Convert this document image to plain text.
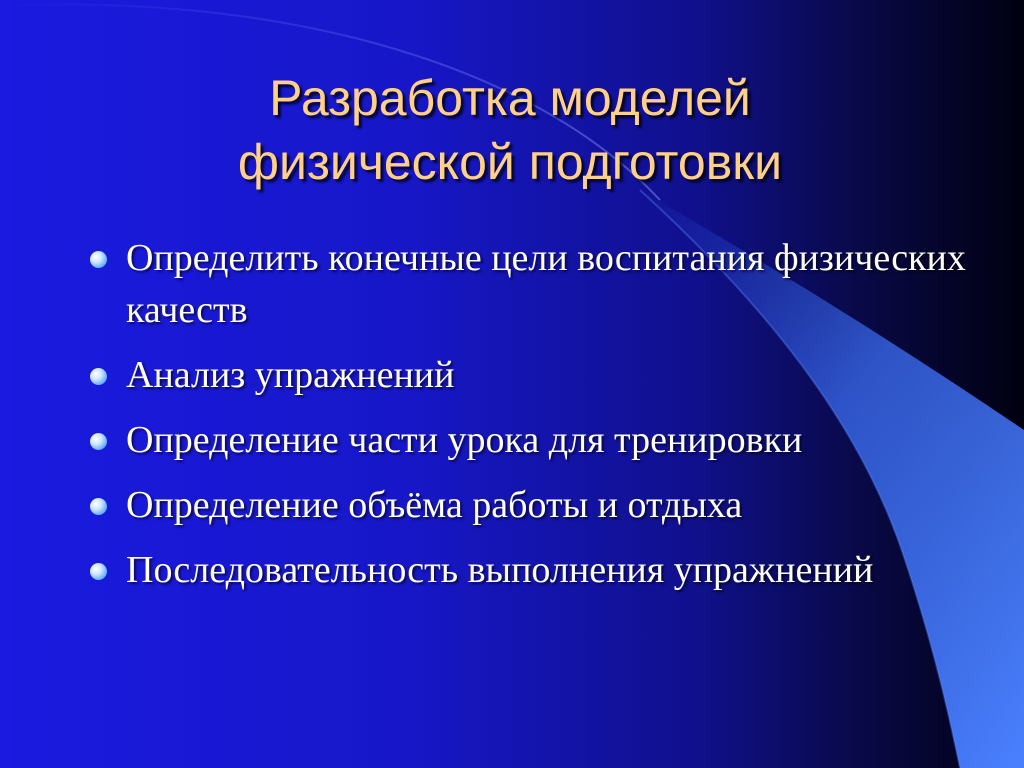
Разработка моделей физической подготовки
Определить конечные цели воспитания физических качеств
Анализ упражнений
Определение части урока для тренировки
Определение объёма работы и отдыха
Последовательность выполнения упражнений
